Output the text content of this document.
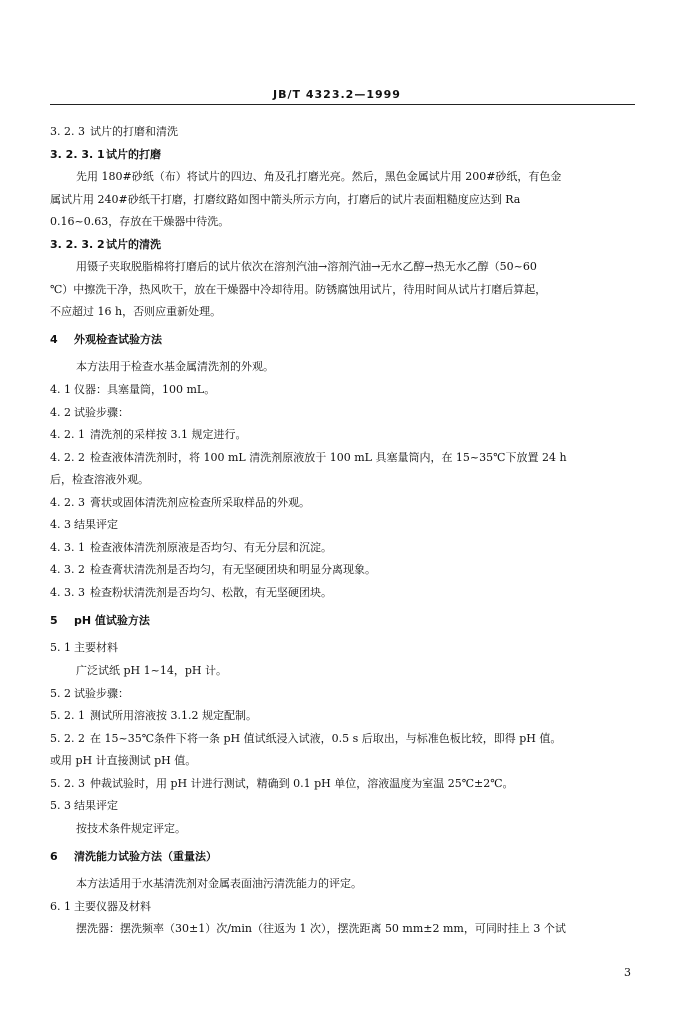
JB/T 4323.2—1999
3. 2. 3 试片的打磨和清洗
3. 2. 3. 1试片的打磨
先用 180#砂纸（布）将试片的四边、角及孔打磨光亮。然后，黑色金属试片用 200#砂纸，有色金
属试片用 240#砂纸干打磨，打磨纹路如图中箭头所示方向，打磨后的试片表面粗糙度应达到 Ra
0.16~0.63，存放在干燥器中待洗。
3. 2. 3. 2试片的清洗
用镊子夹取脱脂棉将打磨后的试片依次在溶剂汽油→溶剂汽油→无水乙醇→热无水乙醇（50~60
℃）中擦洗干净，热风吹干，放在干燥器中冷却待用。防锈腐蚀用试片，待用时间从试片打磨后算起，
不应超过 16 h，否则应重新处理。
4 外观检查试验方法
本方法用于检查水基金属清洗剂的外观。
4. 1 仪器：具塞量筒，100 mL。
4. 2 试验步骤：
4. 2. 1 清洗剂的采样按 3.1 规定进行。
4. 2. 2 检查液体清洗剂时，将 100 mL 清洗剂原液放于 100 mL 具塞量筒内，在 15~35℃下放置 24 h
后，检查溶液外观。
4. 2. 3 膏状或固体清洗剂应检查所采取样品的外观。
4. 3 结果评定
4. 3. 1 检查液体清洗剂原液是否均匀、有无分层和沉淀。
4. 3. 2 检查膏状清洗剂是否均匀，有无坚硬团块和明显分离现象。
4. 3. 3 检查粉状清洗剂是否均匀、松散，有无坚硬团块。
5 pH 值试验方法
5. 1 主要材料
广泛试纸 pH 1~14，pH 计。
5. 2 试验步骤：
5. 2. 1 测试所用溶液按 3.1.2 规定配制。
5. 2. 2 在 15~35℃条件下将一条 pH 值试纸浸入试液，0.5 s 后取出，与标准色板比较，即得 pH 值。
或用 pH 计直接测试 pH 值。
5. 2. 3 仲裁试验时，用 pH 计进行测试，精确到 0.1 pH 单位，溶液温度为室温 25℃±2℃。
5. 3 结果评定
按技术条件规定评定。
6 清洗能力试验方法（重量法）
本方法适用于水基清洗剂对金属表面油污清洗能力的评定。
6. 1 主要仪器及材料
摆洗器：摆洗频率（30±1）次/min（往返为 1 次），摆洗距离 50 mm±2 mm，可同时挂上 3 个试
3
